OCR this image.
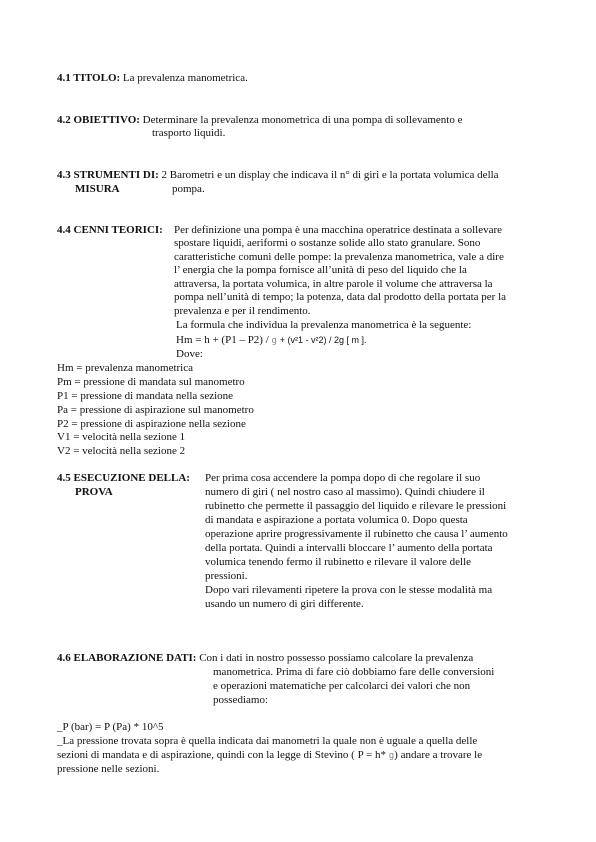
4.1 TITOLO: La prevalenza manometrica.
4.2 OBIETTIVO: Determinare la prevalenza monometrica di una pompa di sollevamento e
trasporto liquidi.
4.3 STRUMENTI DI: 2 Barometri e un display che indicava il n° di giri e la portata volumica della
MISURA	pompa.
4.4 CENNI TEORICI: Per definizione una pompa è una macchina operatrice destinata a sollevare
spostare liquidi, aeriformi o sostanze solide allo stato granulare. Sono
caratteristiche comuni delle pompe: la prevalenza manometrica, vale a dire
l’ energia che la pompa fornisce all’unità di peso del liquido che la
attraversa, la portata volumica, in altre parole il volume che attraversa la
pompa nell’unità di tempo; la potenza, data dal prodotto della portata per la
prevalenza e per il rendimento.
La formula che individua la prevalenza manometrica è la seguente:
Hm = h + (P1 – P2) / g + (v²1 - v²2) / 2g [ m ].
Dove:
Hm = prevalenza manometrica
Pm = pressione di mandata sul manometro
P1 = pressione di mandata nella sezione
Pa = pressione di aspirazione sul manometro
P2 = pressione di aspirazione nella sezione
V1 = velocità nella sezione 1
V2 = velocità nella sezione 2
4.5 ESECUZIONE DELLA:
PROVA
Per prima cosa accendere la pompa dopo di che regolare il suo
numero di giri ( nel nostro caso al massimo). Quindi chiudere il
rubinetto che permette il passaggio del liquido e rilevare le pressioni
di mandata e aspirazione a portata volumica 0. Dopo questa
operazione aprire progressivamente il rubinetto che causa l’ aumento
della portata. Quindi a intervalli bloccare l’ aumento della portata
volumica tenendo fermo il rubinetto e rilevare il valore delle
pressioni.
Dopo vari rilevamenti ripetere la prova con le stesse modalità ma
usando un numero di giri differente.
4.6 ELABORAZIONE DATI: Con i dati in nostro possesso possiamo calcolare la prevalenza
manometrica. Prima di fare ciò dobbiamo fare delle conversioni
e operazioni matematiche per calcolarci dei valori che non
possediamo:
_P (bar) = P (Pa) * 10^5
_La pressione trovata sopra è quella indicata dai manometri la quale non è uguale a quella delle
sezioni di mandata e di aspirazione, quindi con la legge di Stevino ( P = h* g) andare a trovare le
pressione nelle sezioni.
